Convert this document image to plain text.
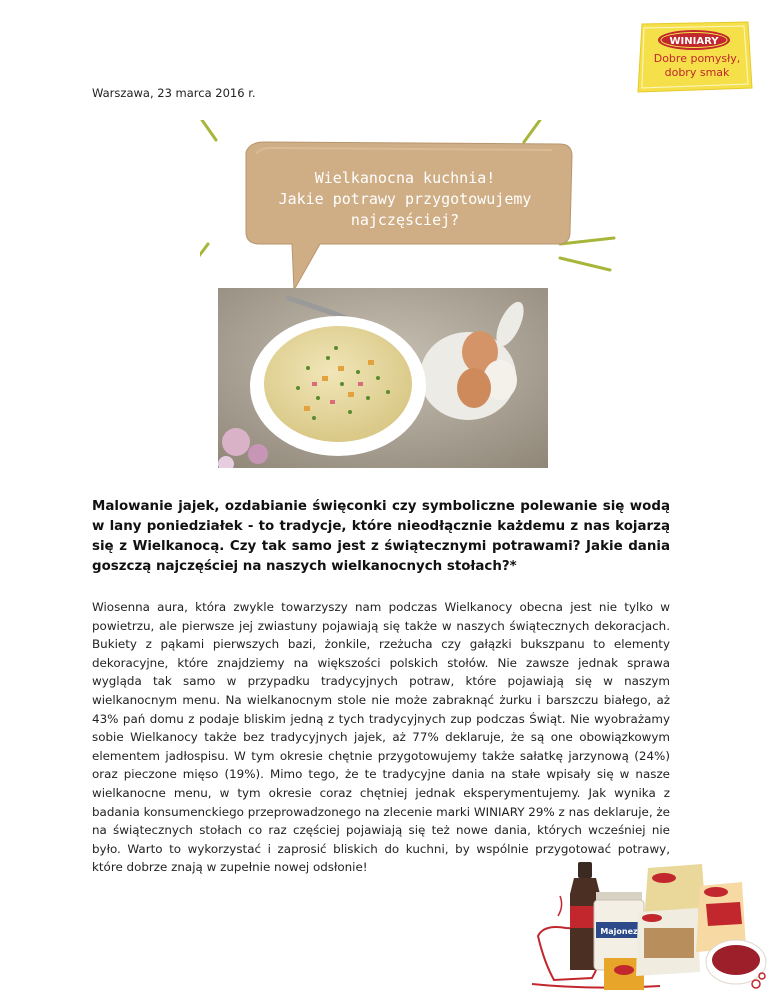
WINIARY
Dobre pomysły,
dobry smak
Warszawa, 23 marca 2016 r.
Wielkanocna kuchnia!
Jakie potrawy przygotowujemy
najczęściej?
Malowanie jajek, ozdabianie święconki czy symboliczne polewanie się wodą w lany poniedziałek - to tradycje, które nieodłącznie każdemu z nas kojarzą się z Wielkanocą. Czy tak samo jest z świątecznymi potrawami? Jakie dania goszczą najczęściej na naszych wielkanocnych stołach?*
Wiosenna aura, która zwykle towarzyszy nam podczas Wielkanocy obecna jest nie tylko w powietrzu, ale pierwsze jej zwiastuny pojawiają się także w naszych świątecznych dekoracjach. Bukiety z pąkami pierwszych bazi, żonkile, rzeżucha czy gałązki bukszpanu to elementy dekoracyjne, które znajdziemy na większości polskich stołów. Nie zawsze jednak sprawa wygląda tak samo w przypadku tradycyjnych potraw, które pojawiają się w naszym wielkanocnym menu. Na wielkanocnym stole nie może zabraknąć żurku i barszczu białego, aż 43% pań domu z podaje bliskim jedną z tych tradycyjnych zup podczas Świąt. Nie wyobrażamy sobie Wielkanocy także bez tradycyjnych jajek, aż 77% deklaruje, że są one obowiązkowym elementem jadłospisu. W tym okresie chętnie przygotowujemy także sałatkę jarzynową (24%) oraz pieczone mięso (19%). Mimo tego, że te tradycyjne dania na stałe wpisały się w nasze wielkanocne menu, w tym okresie coraz chętniej jednak eksperymentujemy. Jak wynika z badania konsumenckiego przeprowadzonego na zlecenie marki WINIARY 29% z nas deklaruje, że na świątecznych stołach co raz częściej pojawiają się też nowe dania, których wcześniej nie było. Warto to wykorzystać i zaprosić bliskich do kuchni, by wspólnie przygotować potrawy, które dobrze znają w zupełnie nowej odsłonie!
Majonez
